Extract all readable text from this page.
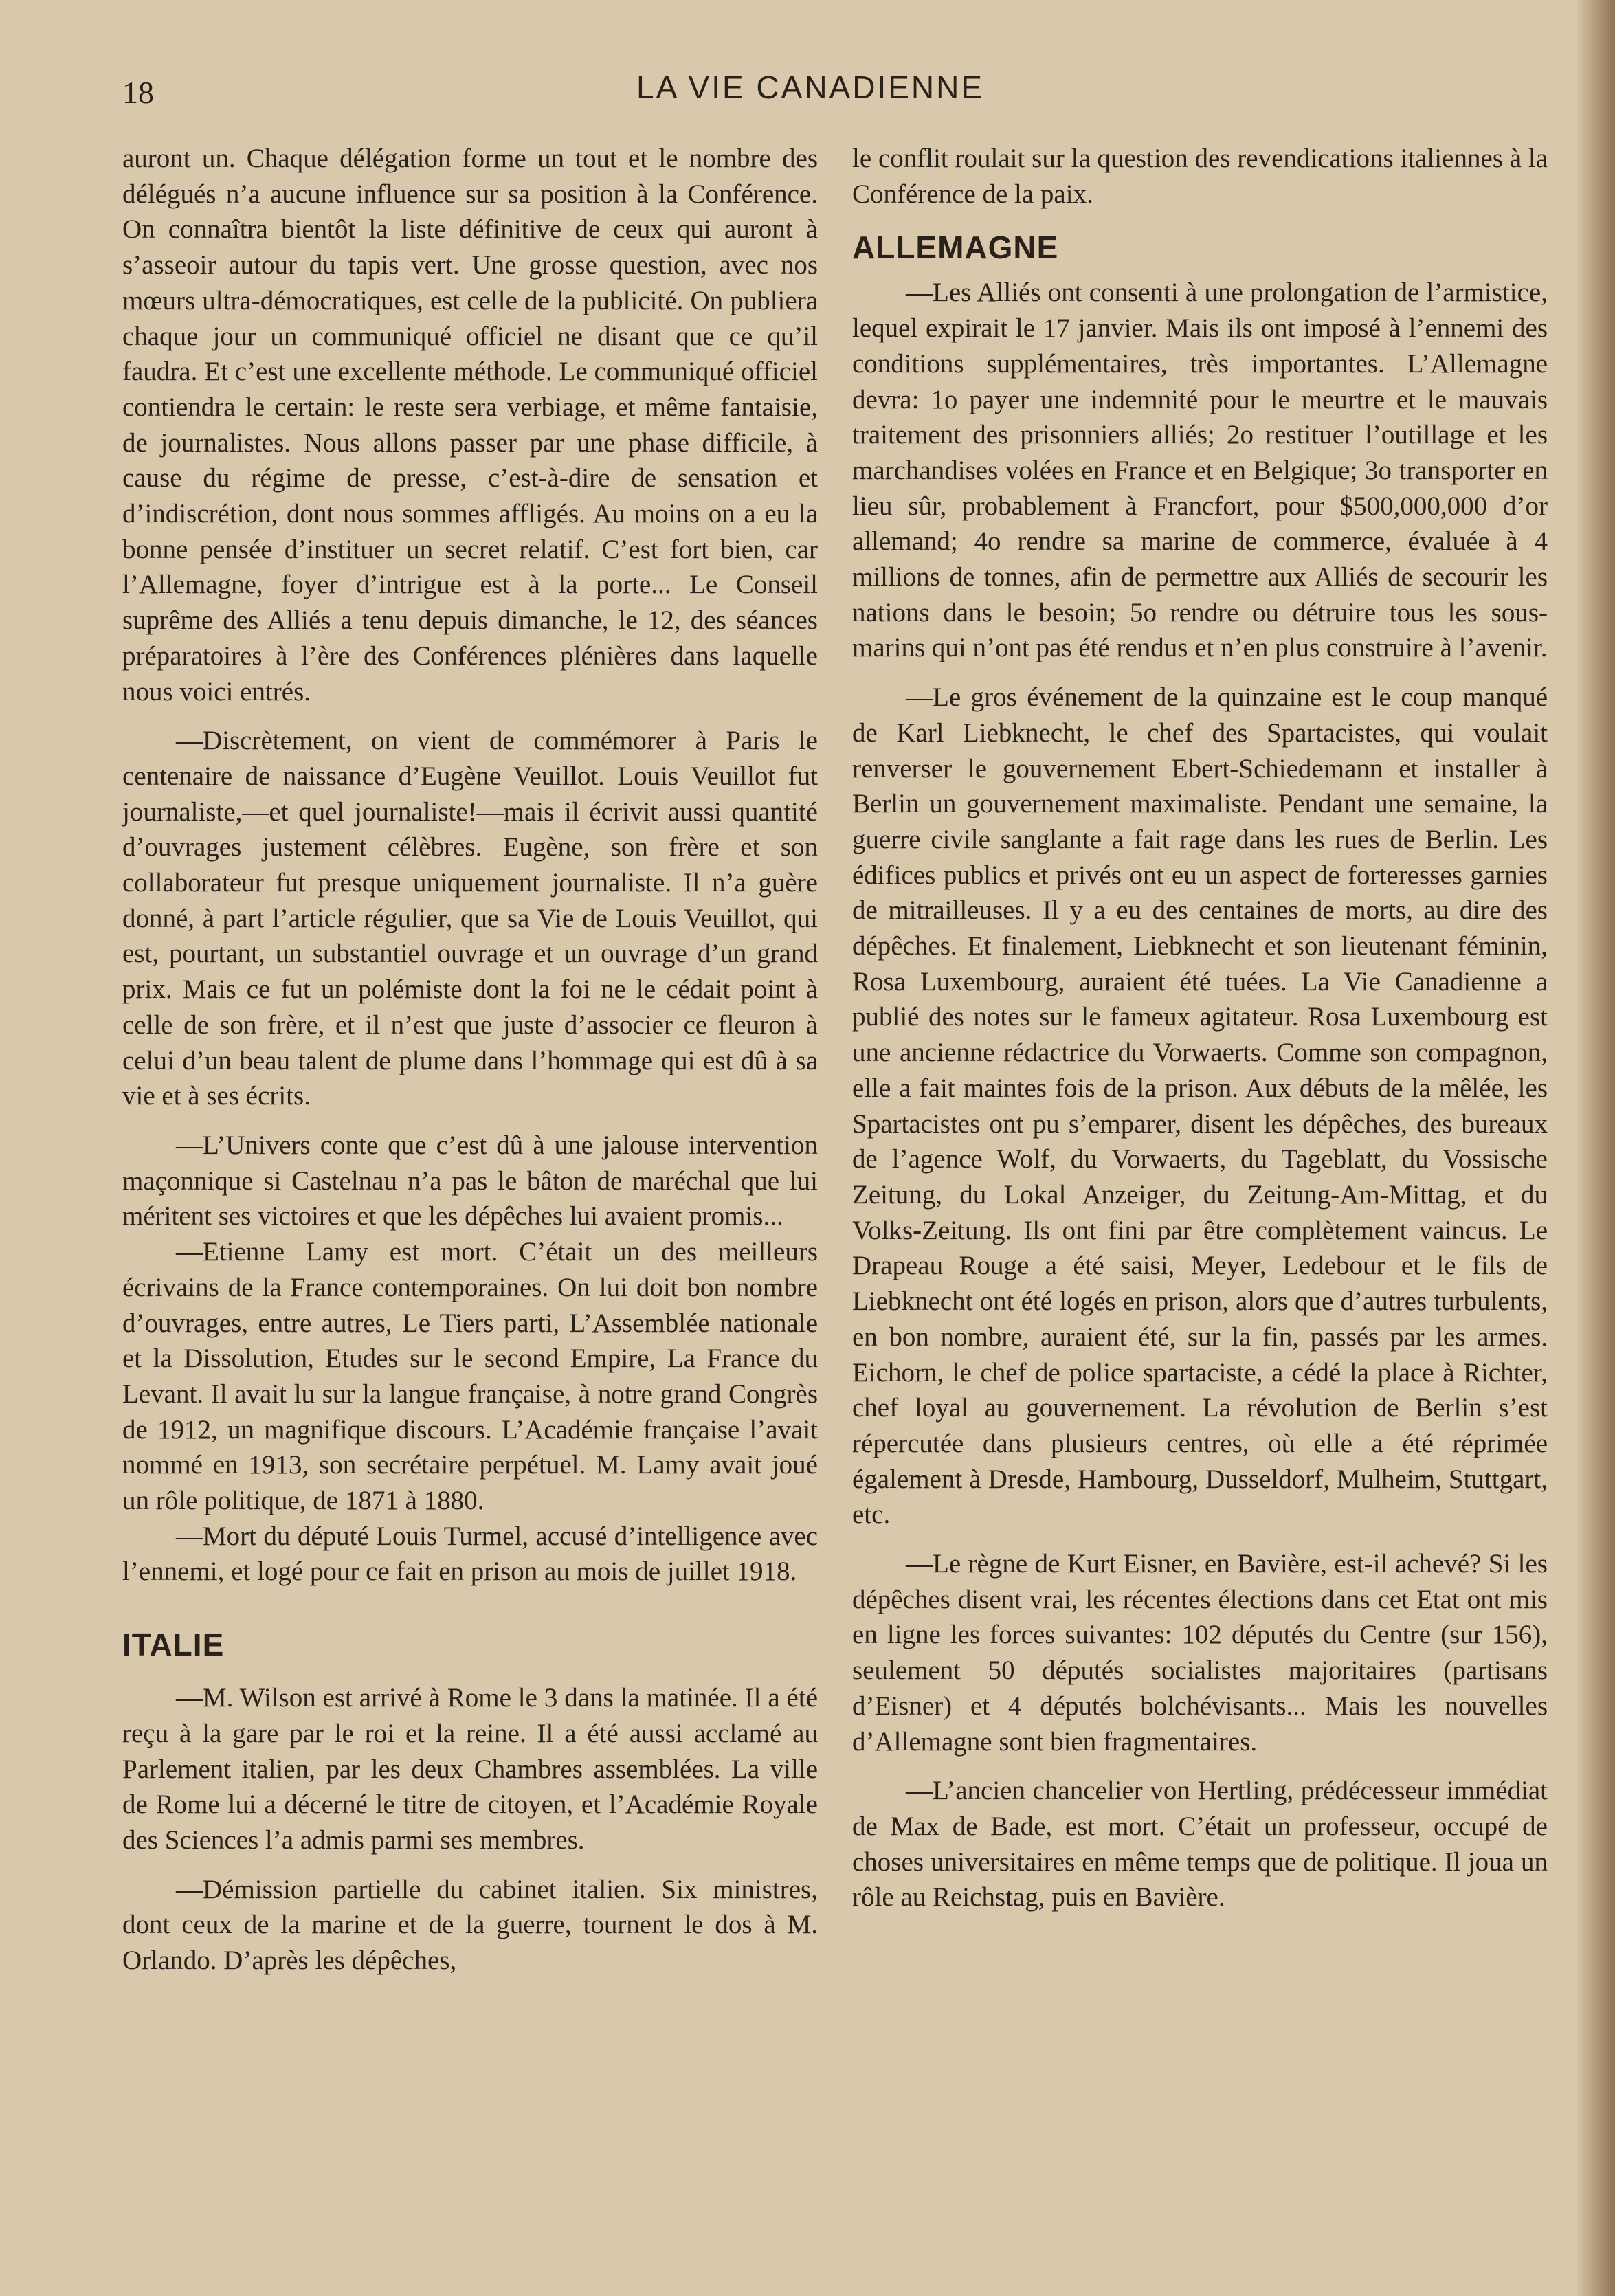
18	LA VIE CANADIENNE

auront un. Chaque délégation forme un tout et le nombre des délégués n’a aucune influence sur sa position à la Conférence. On connaîtra bientôt la liste définitive de ceux qui auront à s’asseoir autour du tapis vert. Une grosse question, avec nos mœurs ultra-démocratiques, est celle de la publicité. On publiera chaque jour un communiqué officiel ne disant que ce qu’il faudra. Et c’est une excellente méthode. Le communiqué officiel contiendra le certain: le reste sera verbiage, et même fantaisie, de journalistes. Nous allons passer par une phase difficile, à cause du régime de presse, c’est-à-dire de sensation et d’indiscrétion, dont nous sommes affligés. Au moins on a eu la bonne pensée d’instituer un secret relatif. C’est fort bien, car l’Allemagne, foyer d’intrigue est à la porte... Le Conseil suprême des Alliés a tenu depuis dimanche, le 12, des séances préparatoires à l’ère des Conférences plénières dans laquelle nous voici entrés.

—Discrètement, on vient de commémorer à Paris le centenaire de naissance d’Eugène Veuillot. Louis Veuillot fut journaliste,—et quel journaliste!—mais il écrivit aussi quantité d’ouvrages justement célèbres. Eugène, son frère et son collaborateur fut presque uniquement journaliste. Il n’a guère donné, à part l’article régulier, que sa Vie de Louis Veuillot, qui est, pourtant, un substantiel ouvrage et un ouvrage d’un grand prix. Mais ce fut un polémiste dont la foi ne le cédait point à celle de son frère, et il n’est que juste d’associer ce fleuron à celui d’un beau talent de plume dans l’hommage qui est dû à sa vie et à ses écrits.

—L’Univers conte que c’est dû à une jalouse intervention maçonnique si Castelnau n’a pas le bâton de maréchal que lui méritent ses victoires et que les dépêches lui avaient promis...

—Etienne Lamy est mort. C’était un des meilleurs écrivains de la France contemporaines. On lui doit bon nombre d’ouvrages, entre autres, Le Tiers parti, L’Assemblée nationale et la Dissolution, Etudes sur le second Empire, La France du Levant. Il avait lu sur la langue française, à notre grand Congrès de 1912, un magnifique discours. L’Académie française l’avait nommé en 1913, son secrétaire perpétuel. M. Lamy avait joué un rôle politique, de 1871 à 1880.

—Mort du député Louis Turmel, accusé d’intelligence avec l’ennemi, et logé pour ce fait en prison au mois de juillet 1918.

ITALIE

—M. Wilson est arrivé à Rome le 3 dans la matinée. Il a été reçu à la gare par le roi et la reine. Il a été aussi acclamé au Parlement italien, par les deux Chambres assemblées. La ville de Rome lui a décerné le titre de citoyen, et l’Académie Royale des Sciences l’a admis parmi ses membres.

—Démission partielle du cabinet italien. Six ministres, dont ceux de la marine et de la guerre, tournent le dos à M. Orlando. D’après les dépêches,

le conflit roulait sur la question des revendications italiennes à la Conférence de la paix.

ALLEMAGNE

—Les Alliés ont consenti à une prolongation de l’armistice, lequel expirait le 17 janvier. Mais ils ont imposé à l’ennemi des conditions supplémentaires, très importantes. L’Allemagne devra: 1o payer une indemnité pour le meurtre et le mauvais traitement des prisonniers alliés; 2o restituer l’outillage et les marchandises volées en France et en Belgique; 3o transporter en lieu sûr, probablement à Francfort, pour $500,000,000 d’or allemand; 4o rendre sa marine de commerce, évaluée à 4 millions de tonnes, afin de permettre aux Alliés de secourir les nations dans le besoin; 5o rendre ou détruire tous les sous-marins qui n’ont pas été rendus et n’en plus construire à l’avenir.

—Le gros événement de la quinzaine est le coup manqué de Karl Liebknecht, le chef des Spartacistes, qui voulait renverser le gouvernement Ebert-Schiedemann et installer à Berlin un gouvernement maximaliste. Pendant une semaine, la guerre civile sanglante a fait rage dans les rues de Berlin. Les édifices publics et privés ont eu un aspect de forteresses garnies de mitrailleuses. Il y a eu des centaines de morts, au dire des dépêches. Et finalement, Liebknecht et son lieutenant féminin, Rosa Luxembourg, auraient été tuées. La Vie Canadienne a publié des notes sur le fameux agitateur. Rosa Luxembourg est une ancienne rédactrice du Vorwaerts. Comme son compagnon, elle a fait maintes fois de la prison. Aux débuts de la mêlée, les Spartacistes ont pu s’emparer, disent les dépêches, des bureaux de l’agence Wolf, du Vorwaerts, du Tageblatt, du Vossische Zeitung, du Lokal Anzeiger, du Zeitung-Am-Mittag, et du Volks-Zeitung. Ils ont fini par être complètement vaincus. Le Drapeau Rouge a été saisi, Meyer, Ledebour et le fils de Liebknecht ont été logés en prison, alors que d’autres turbulents, en bon nombre, auraient été, sur la fin, passés par les armes. Eichorn, le chef de police spartaciste, a cédé la place à Richter, chef loyal au gouvernement. La révolution de Berlin s’est répercutée dans plusieurs centres, où elle a été réprimée également à Dresde, Hambourg, Dusseldorf, Mulheim, Stuttgart, etc.

—Le règne de Kurt Eisner, en Bavière, est-il achevé? Si les dépêches disent vrai, les récentes élections dans cet Etat ont mis en ligne les forces suivantes: 102 députés du Centre (sur 156), seulement 50 députés socialistes majoritaires (partisans d’Eisner) et 4 députés bolchévisants... Mais les nouvelles d’Allemagne sont bien fragmentaires.

—L’ancien chancelier von Hertling, prédécesseur immédiat de Max de Bade, est mort. C’était un professeur, occupé de choses universitaires en même temps que de politique. Il joua un rôle au Reichstag, puis en Bavière.
